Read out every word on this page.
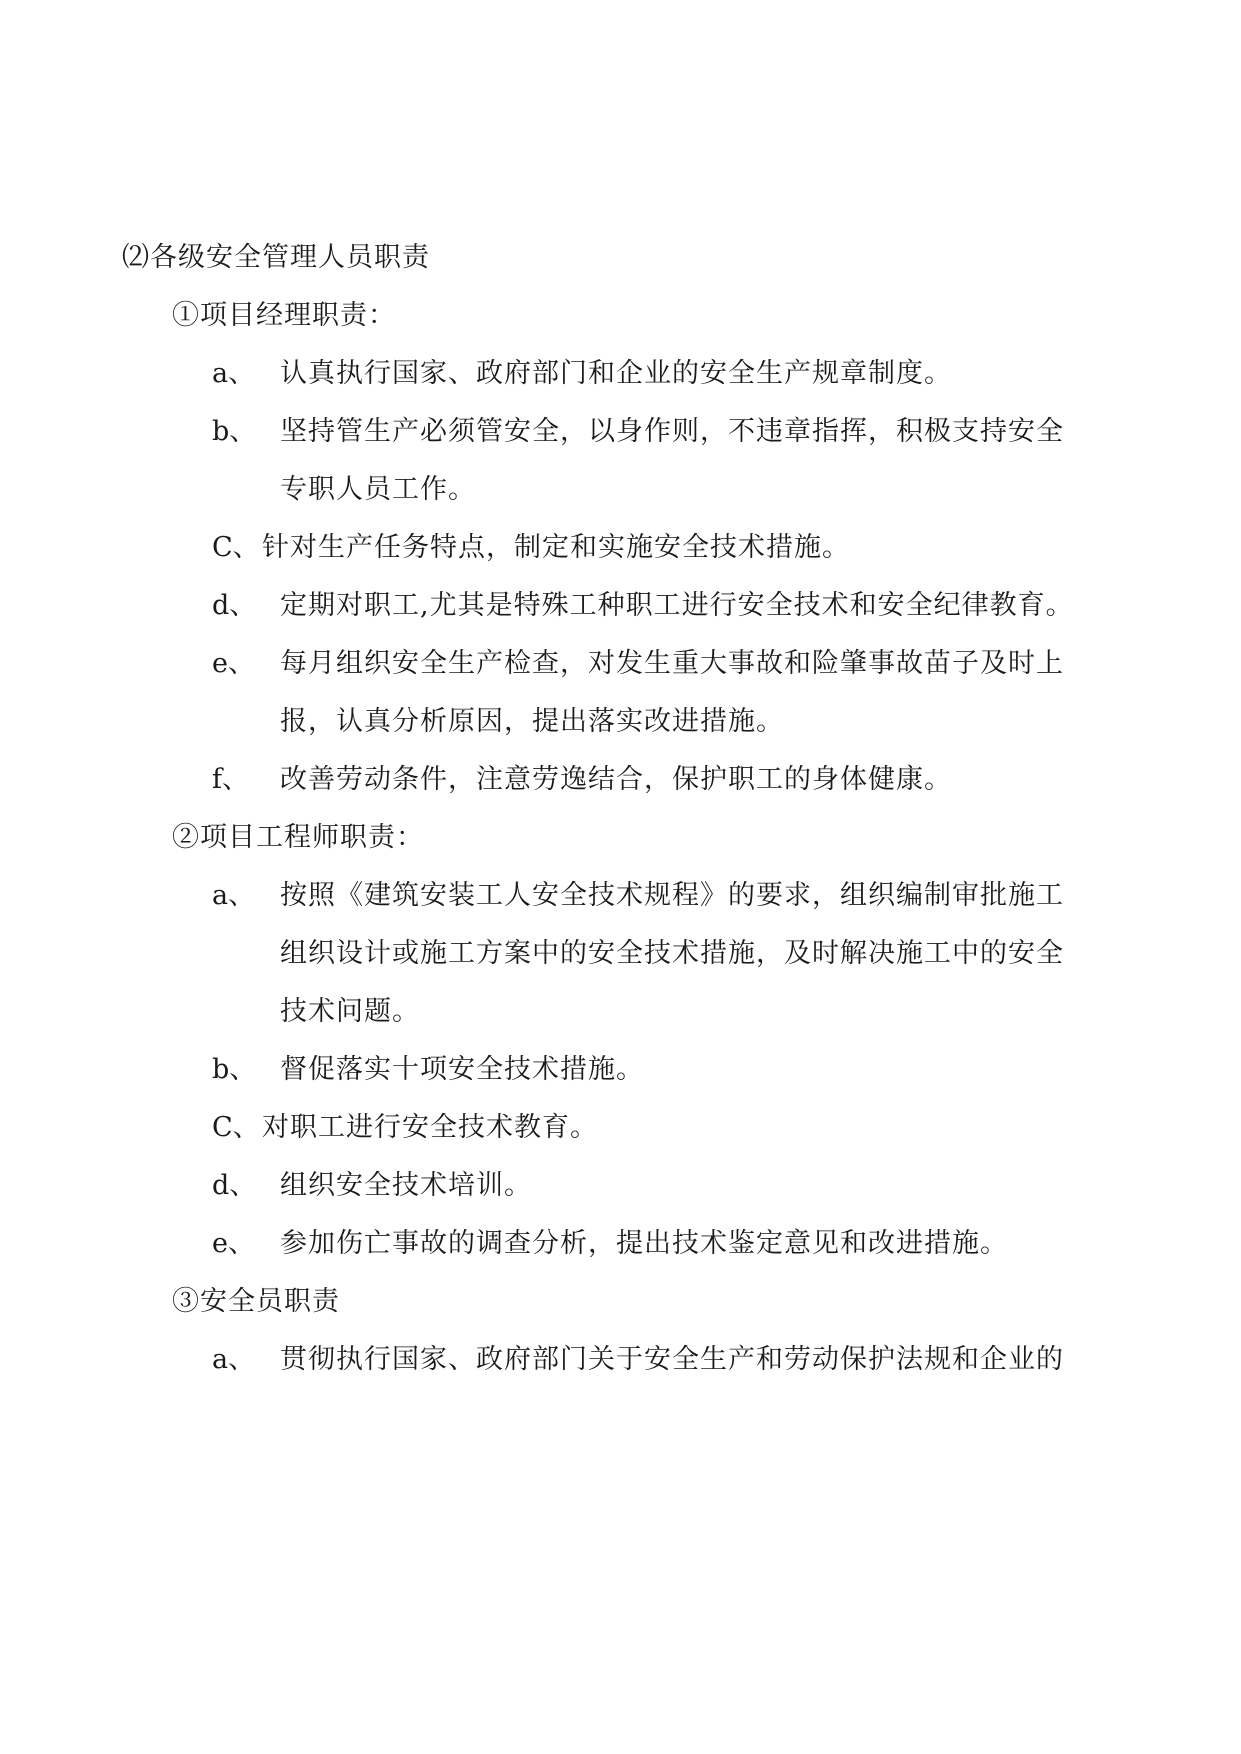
⑵各级安全管理人员职责
①项目经理职责：
a、 认真执行国家、政府部门和企业的安全生产规章制度。
b、 坚持管生产必须管安全，以身作则，不违章指挥，积极支持安全
专职人员工作。
C、 针对生产任务特点，制定和实施安全技术措施。
d、 定期对职工,尤其是特殊工种职工进行安全技术和安全纪律教育。
e、 每月组织安全生产检查，对发生重大事故和险肇事故苗子及时上
报，认真分析原因，提出落实改进措施。
f、 改善劳动条件，注意劳逸结合，保护职工的身体健康。
②项目工程师职责：
a、 按照《建筑安装工人安全技术规程》的要求，组织编制审批施工
组织设计或施工方案中的安全技术措施，及时解决施工中的安全
技术问题。
b、 督促落实十项安全技术措施。
C、 对职工进行安全技术教育。
d、 组织安全技术培训。
e、 参加伤亡事故的调查分析，提出技术鉴定意见和改进措施。
③安全员职责
a、 贯彻执行国家、政府部门关于安全生产和劳动保护法规和企业的
